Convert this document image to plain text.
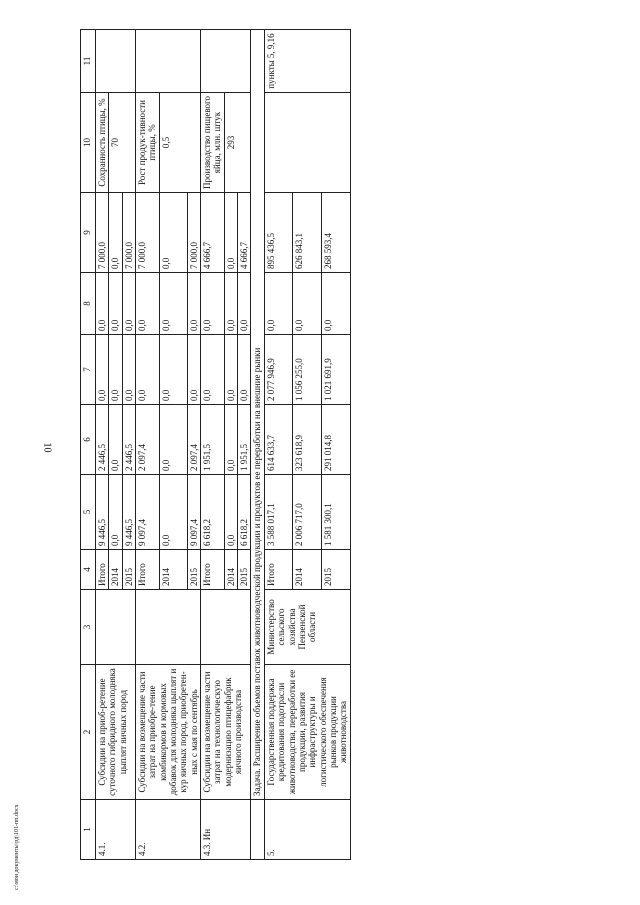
10
c:\мои документы\рд\101-пп.docx	1	2	3	4	5	6	7	8	9	10	11
4.1.	Субсидии на приоб-ретение суточного гибридного молодняка цыплят яичных пород		Итого	9 446,5	2 446,5	0,0	0,0	7 000,0	Сохранность птицы, %	
			2014	0,0	0,0	0,0	0,0	0,0	70	
			2015	9 446,5	2 446,5	0,0	0,0	7 000,0		
4.2.	Субсидии на возмещение части затрат на приобре-тение комбикормов и кормовых добавок для молодняка цыплят и кур яичных пород, приобретен-ных с мая по сентябрь		Итого	9 097,4	2 097,4	0,0	0,0	7 000,0	Рост продук-тивности птицы, %	
			2014	0,0	0,0	0,0	0,0	0,0	0,5	
			2015	9 097,4	2 097,4	0,0	0,0	7 000,0		
4.3. Ин	Субсидии на возмещение части затрат на технологическую модернизацию птицефабрик яичного производства		Итого	6 618,2	1 951,5	0,0	0,0	4 666,7	Производство пищевого яйца, млн. штук	
			2014	0,0	0,0	0,0	0,0	0,0	293	
			2015	6 618,2	1 951,5	0,0	0,0	4 666,7		
	Задача. Расширение объемов поставок животноводческой продукции и продуктов ее переработки на внешние рынки									
5.	Государственная поддержка кредитования подотрасли животноводства, переработки ее продукции, развития инфраструктуры и логистического обеспечения рынков продукции животноводства	Министерство сельского хозяйства Пензенской области	Итого	3 588 017,1	614 633,7	2 077 946,9	0,0	895 436,5		пункты 5, 9,16
			2014	2 006 717,0	323 618,9	1 056 255,0	0,0	626 843,1		
			2015	1 581 300,1	291 014,8	1 021 691,9	0,0	268 593,4		
